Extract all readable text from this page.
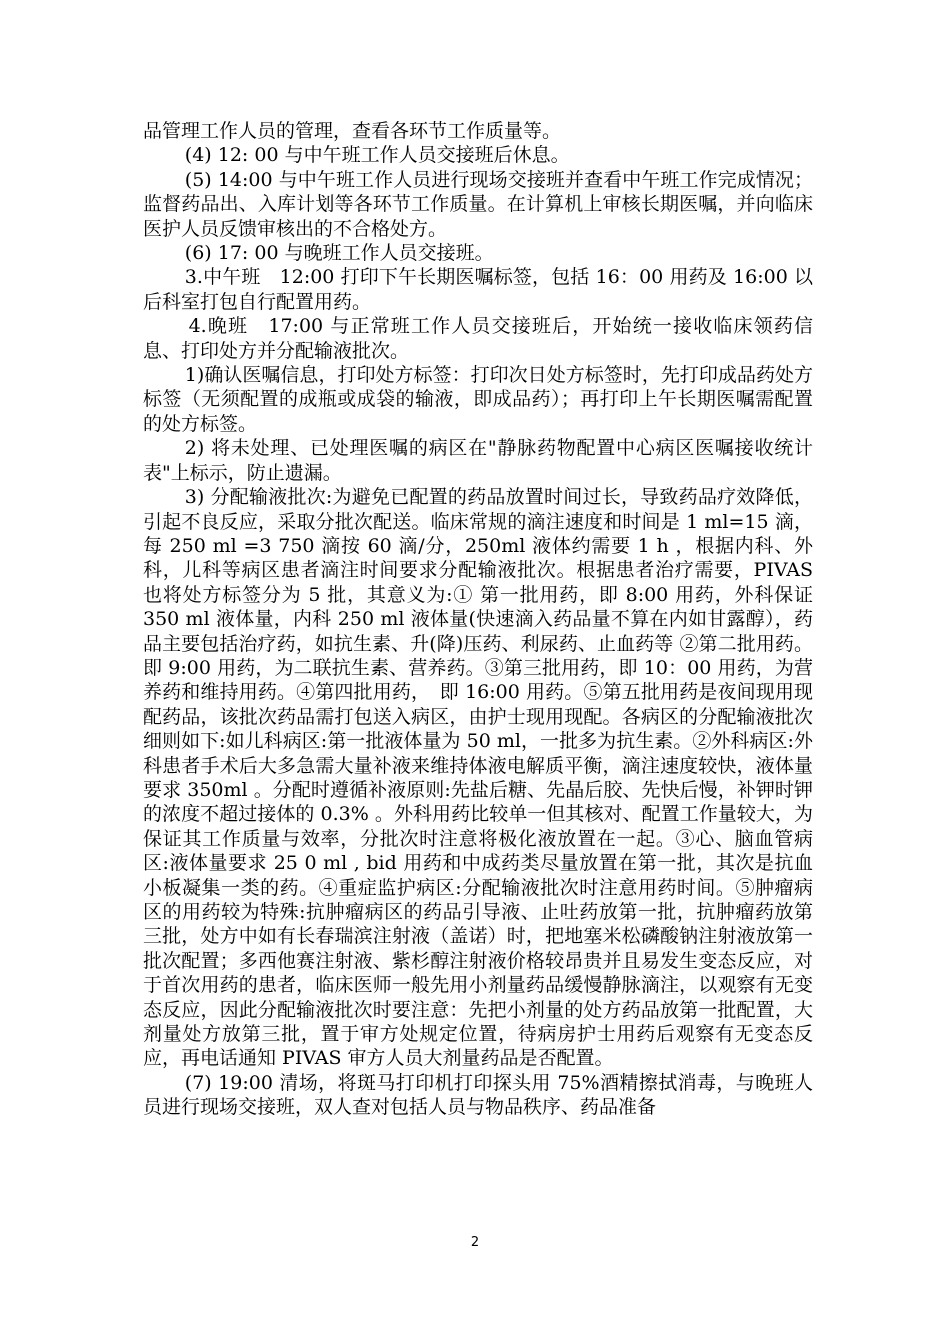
品管理工作人员的管理，查看各环节工作质量等。

(4) 12: 00 与中午班工作人员交接班后休息。

(5) 14:00 与中午班工作人员进行现场交接班并查看中午班工作完成情况；监督药品出、入库计划等各环节工作质量。在计算机上审核长期医嘱，并向临床医护人员反馈审核出的不合格处方。

(6) 17: 00 与晚班工作人员交接班。

3.中午班　12:00 打印下午长期医嘱标签，包括 16：00 用药及 16:00 以后科室打包自行配置用药。

4.晚班　17:00 与正常班工作人员交接班后，开始统一接收临床领药信息、打印处方并分配输液批次。

1)确认医嘱信息，打印处方标签：打印次日处方标签时，先打印成品药处方标签（无须配置的成瓶或成袋的输液，即成品药）；再打印上午长期医嘱需配置的处方标签。

2) 将未处理、已处理医嘱的病区在"静脉药物配置中心病区医嘱接收统计表"上标示，防止遗漏。

3) 分配输液批次:为避免已配置的药品放置时间过长，导致药品疗效降低，引起不良反应，采取分批次配送。临床常规的滴注速度和时间是 1 ml=15 滴，每 250 ml =3 750 滴按 60 滴/分，250ml 液体约需要 1 h ，根据内科、外科，儿科等病区患者滴注时间要求分配输液批次。根据患者治疗需要，PIVAS 也将处方标签分为 5 批，其意义为:① 第一批用药，即 8:00 用药，外科保证 350 ml 液体量，内科 250 ml 液体量(快速滴入药品量不算在内如甘露醇），药品主要包括治疗药，如抗生素、升(降)压药、利尿药、止血药等 ②第二批用药。即 9:00 用药，为二联抗生素、营养药。③第三批用药，即 10：00 用药，为营养药和维持用药。④第四批用药，　即 16:00 用药。⑤第五批用药是夜间现用现配药品，该批次药品需打包送入病区，由护士现用现配。各病区的分配输液批次细则如下:如儿科病区:第一批液体量为 50 ml，一批多为抗生素。②外科病区:外科患者手术后大多急需大量补液来维持体液电解质平衡，滴注速度较快，液体量要求 350ml 。分配时遵循补液原则:先盐后糖、先晶后胶、先快后慢，补钾时钾的浓度不超过接体的 0.3% 。外科用药比较单一但其核对、配置工作量较大，为保证其工作质量与效率，分批次时注意将极化液放置在一起。③心、脑血管病区:液体量要求 25 0 ml , bid 用药和中成药类尽量放置在第一批，其次是抗血小板凝集一类的药。④重症监护病区:分配输液批次时注意用药时间。⑤肿瘤病区的用药较为特殊:抗肿瘤病区的药品引导液、止吐药放第一批，抗肿瘤药放第三批，处方中如有长春瑞滨注射液（盖诺）时，把地塞米松磷酸钠注射液放第一批次配置；多西他赛注射液、紫杉醇注射液价格较昂贵并且易发生变态反应，对于首次用药的患者，临床医师一般先用小剂量药品缓慢静脉滴注，以观察有无变态反应，因此分配输液批次时要注意：先把小剂量的处方药品放第一批配置，大剂量处方放第三批，置于审方处规定位置，待病房护士用药后观察有无变态反应，再电话通知 PIVAS 审方人员大剂量药品是否配置。

(7) 19:00 清场，将斑马打印机打印探头用 75%酒精擦拭消毒，与晚班人员进行现场交接班，双人查对包括人员与物品秩序、药品准备

2
